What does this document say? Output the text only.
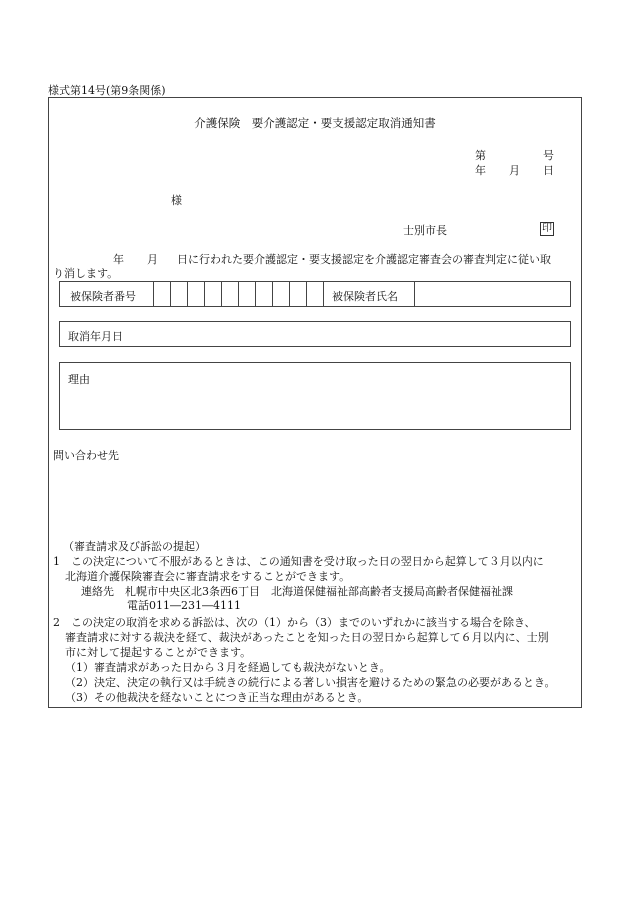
様式第14号(第9条関係)
介護保険　要介護認定・要支援認定取消通知書
第	号
年 月 日
様
士別市長	印
年 月 日に行われた要介護認定・要支援認定を介護認定審査会の審査判定に従い取
り消します。
被保険者番号	被保険者氏名
取消年月日
理由
問い合わせ先
（審査請求及び訴訟の提起）
1　この決定について不服があるときは、この通知書を受け取った日の翌日から起算して３月以内に
北海道介護保険審査会に審査請求をすることができます。
連絡先　札幌市中央区北3条西6丁目　北海道保健福祉部高齢者支援局高齢者保健福祉課
電話011―231―4111
2　この決定の取消を求める訴訟は、次の（1）から（3）までのいずれかに該当する場合を除き、
審査請求に対する裁決を経て、裁決があったことを知った日の翌日から起算して６月以内に、士別
市に対して提起することができます。
（1）審査請求があった日から３月を経過しても裁決がないとき。
（2）決定、決定の執行又は手続きの続行による著しい損害を避けるための緊急の必要があるとき。
（3）その他裁決を経ないことにつき正当な理由があるとき。
